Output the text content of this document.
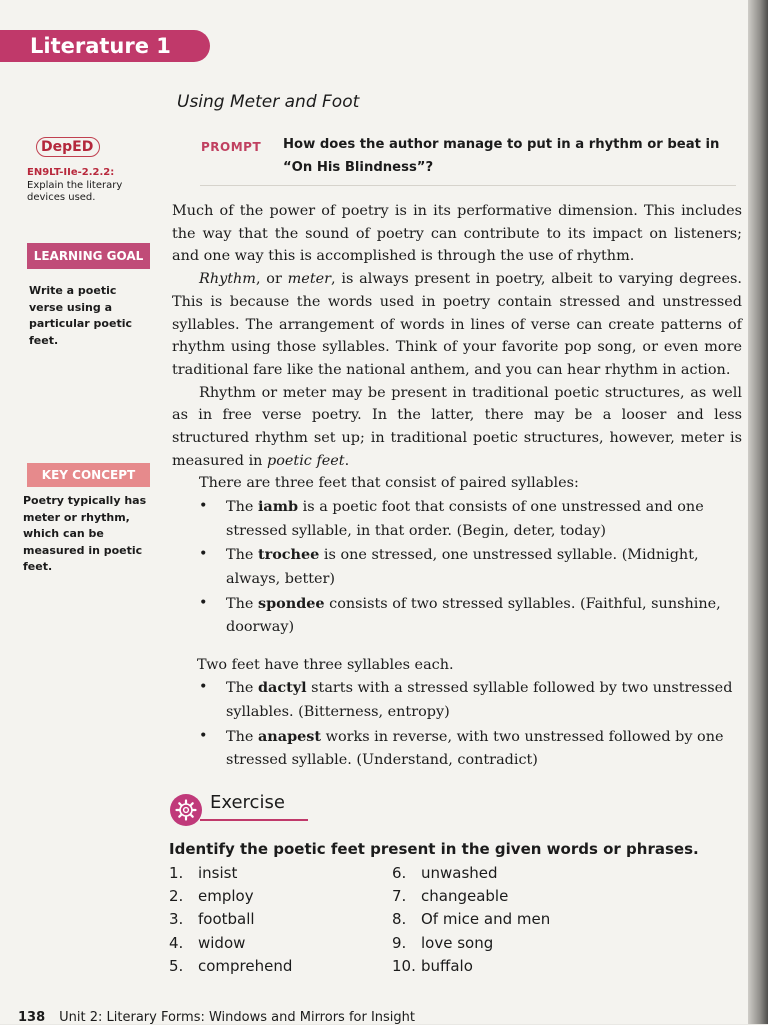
Literature 1
Using Meter and Foot
DepED
EN9LT-IIe-2.2.2:
Explain the literary devices used.
LEARNING GOAL
Write a poetic verse using a particular poetic feet.
KEY CONCEPT
Poetry typically has meter or rhythm, which can be measured in poetic feet.
PROMPT How does the author manage to put in a rhythm or beat in “On His Blindness”?

Much of the power of poetry is in its performative dimension. This includes the way that the sound of poetry can contribute to its impact on listeners; and one way this is accomplished is through the use of rhythm.

Rhythm, or meter, is always present in poetry, albeit to varying degrees. This is because the words used in poetry contain stressed and unstressed syllables. The arrangement of words in lines of verse can create patterns of rhythm using those syllables. Think of your favorite pop song, or even more traditional fare like the national anthem, and you can hear rhythm in action.

Rhythm or meter may be present in traditional poetic structures, as well as in free verse poetry. In the latter, there may be a looser and less structured rhythm set up; in traditional poetic structures, however, meter is measured in poetic feet.

There are three feet that consist of paired syllables:

• The iamb is a poetic foot that consists of one unstressed and one stressed syllable, in that order. (Begin, deter, today)
• The trochee is one stressed, one unstressed syllable. (Midnight, always, better)
• The spondee consists of two stressed syllables. (Faithful, sunshine, doorway)

Two feet have three syllables each.

• The dactyl starts with a stressed syllable followed by two unstressed syllables. (Bitterness, entropy)
• The anapest works in reverse, with two unstressed followed by one stressed syllable. (Understand, contradict)
Exercise
Identify the poetic feet present in the given words or phrases.
1. insist
2. employ
3. football
4. widow
5. comprehend
6. unwashed
7. changeable
8. Of mice and men
9. love song
10. buffalo
138 Unit 2: Literary Forms: Windows and Mirrors for Insight
